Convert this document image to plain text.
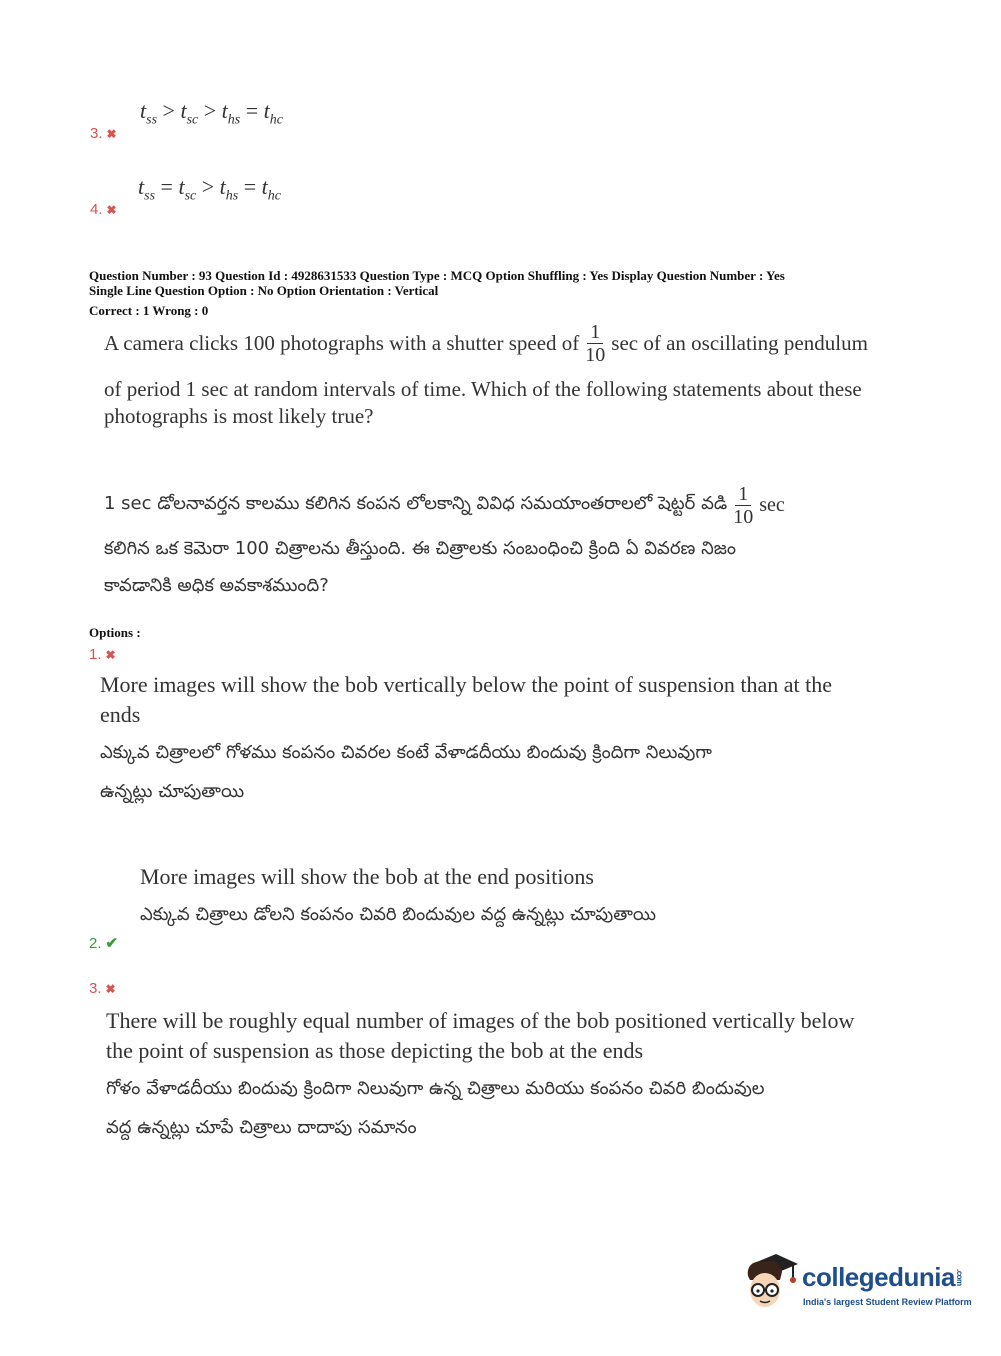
$t_{ss} > t_{sc} > t_{hs} = t_{hc}$
3. ✖
$t_{ss} = t_{sc} > t_{hs} = t_{hc}$
4. ✖
Question Number : 93 Question Id : 4928631533 Question Type : MCQ Option Shuffling : Yes Display Question Number : Yes
Single Line Question Option : No Option Orientation : Vertical
Correct : 1 Wrong : 0
A camera clicks 100 photographs with a shutter speed of $\frac{1}{10}$ sec of an oscillating pendulum
of period 1 sec at random intervals of time. Which of the following statements about these
photographs is most likely true?
1 sec డోలనావర్తన కాలము కలిగిన కంపన లోలకాన్ని వివిధ సమయాంతరాలలో షెట్టర్ వడి $\frac{1}{10}$ sec
కలిగిన ఒక కెమెరా 100 చిత్రాలను తీస్తుంది. ఈ చిత్రాలకు సంబంధించి క్రింది ఏ వివరణ నిజం
కావడానికి అధిక అవకాశముంది?
Options :
1. ✖
More images will show the bob vertically below the point of suspension than at the
ends
ఎక్కువ చిత్రాలలో గోళము కంపనం చివరల కంటే వేళాడదీయు బిందువు క్రిందిగా నిలువుగా
ఉన్నట్లు చూపుతాయి
More images will show the bob at the end positions
ఎక్కువ చిత్రాలు డోలని కంపనం చివరి బిందువుల వద్ద ఉన్నట్లు చూపుతాయి
2. ✔
3. ✖
There will be roughly equal number of images of the bob positioned vertically below
the point of suspension as those depicting the bob at the ends
గోళం వేళాడదీయు బిందువు క్రిందిగా నిలువుగా ఉన్న చిత్రాలు మరియు కంపనం చివరి బిందువుల
వద్ద ఉన్నట్లు చూపే చిత్రాలు దాదాపు సమానం
collegedunia.com
India's largest Student Review Platform
